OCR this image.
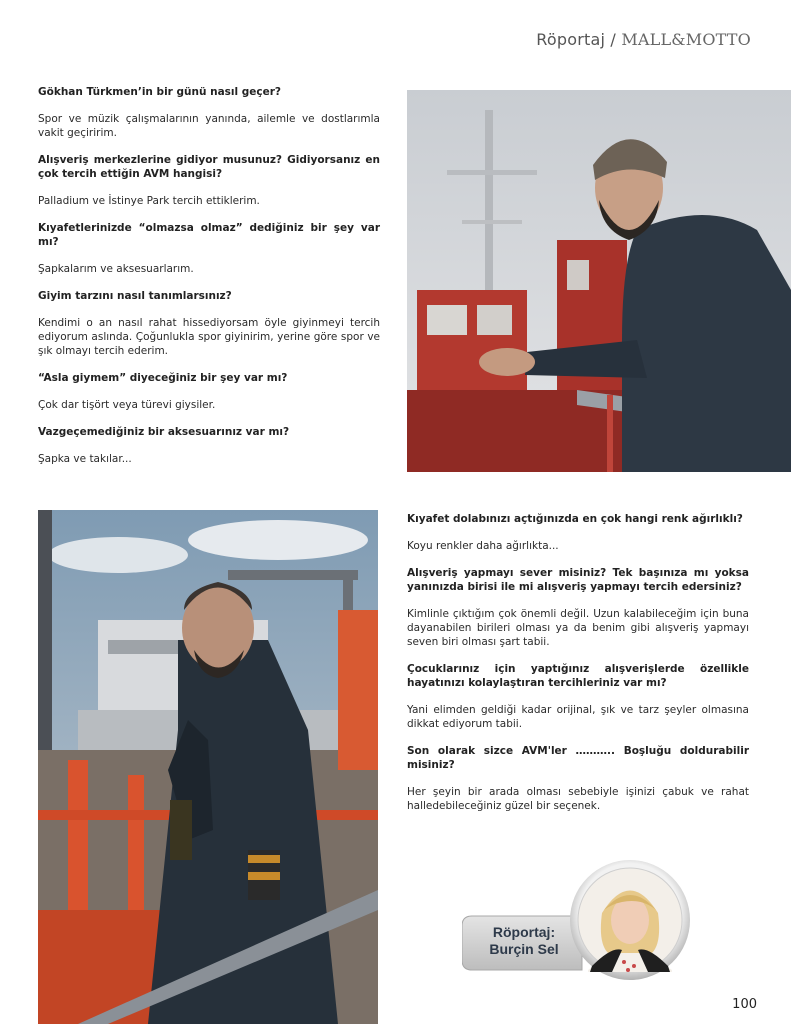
Röportaj / MALL&MOTTO

Gökhan Türkmen’in bir günü nasıl geçer?

Spor ve müzik çalışmalarının yanında, ailemle ve dostlarımla vakit geçiririm.

Alışveriş merkezlerine gidiyor musunuz? Gidiyorsanız en çok tercih ettiğin AVM hangisi?

Palladium ve İstinye Park tercih ettiklerim.

Kıyafetlerinizde “olmazsa olmaz” dediğiniz bir şey var mı?

Şapkalarım ve aksesuarlarım.

Giyim tarzını nasıl tanımlarsınız?

Kendimi o an nasıl rahat hissediyorsam öyle giyinmeyi tercih ediyorum aslında. Çoğunlukla spor giyinirim, yerine göre spor ve şık olmayı tercih ederim.

“Asla giymem” diyeceğiniz bir şey var mı?

Çok dar tişört veya türevi giysiler.

Vazgeçemediğiniz bir aksesuarınız var mı?

Şapka ve takılar...

Kıyafet dolabınızı açtığınızda en çok hangi renk ağırlıklı?

Koyu renkler daha ağırlıkta...

Alışveriş yapmayı sever misiniz? Tek başınıza mı yoksa yanınızda birisi ile mi alışveriş yapmayı tercih edersiniz?

Kimlinle çıktığım çok önemli değil. Uzun kalabileceğim için buna dayanabilen birileri olması ya da benim gibi alışveriş yapmayı seven biri olması şart tabii.

Çocuklarınız için yaptığınız alışverişlerde özellikle hayatınızı kolaylaştıran tercihleriniz var mı?

Yani elimden geldiği kadar orijinal, şık ve tarz şeyler olmasına dikkat ediyorum tabii.

Son olarak sizce AVM'ler ……….. Boşluğu doldurabilir misiniz?

Her şeyin bir arada olması sebebiyle işinizi çabuk ve rahat halledebileceğiniz güzel bir seçenek.

Röportaj:
Burçin Sel
100
